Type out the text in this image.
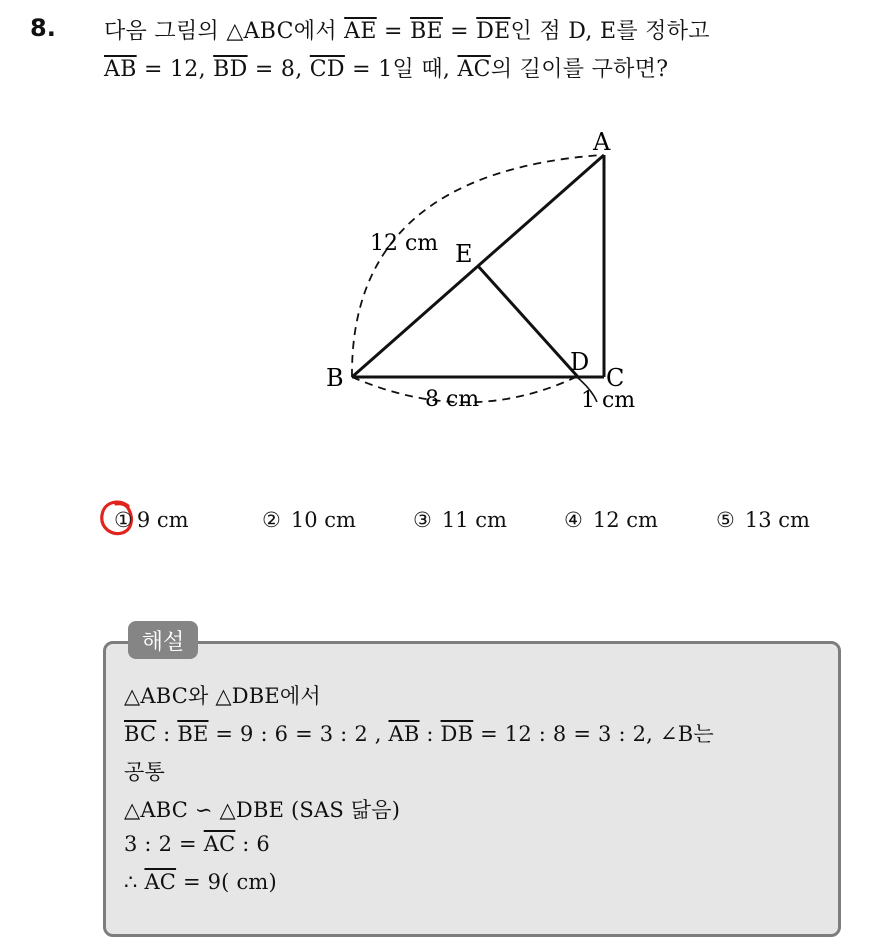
8. 다음 그림의 △ABC에서 $\overline{AE} = \overline{BE} = \overline{DE}$인 점 D, E를 정하고
$\overline{AB} = 12$, $\overline{BD} = 8$, $\overline{CD} = 1$일 때, $\overline{AC}$의 길이를 구하면?
A
B	C
D
E
12 cm
8 cm	1 cm
① 9 cm	② 10 cm	③ 11 cm	④ 12 cm	⑤ 13 cm
해설
△ABC와 △DBE에서
$\overline{BC}$ : $\overline{BE} = 9$ : 6 = 3 : 2 , $\overline{AB}$ : $\overline{DB} = 12$ : 8 = 3 : 2, ∠B는
공통
△ABC ∽ △DBE (SAS 닮음)
3 : $2 = \overline{AC}$ : 6
∴ $\overline{AC} = 9$( cm)
